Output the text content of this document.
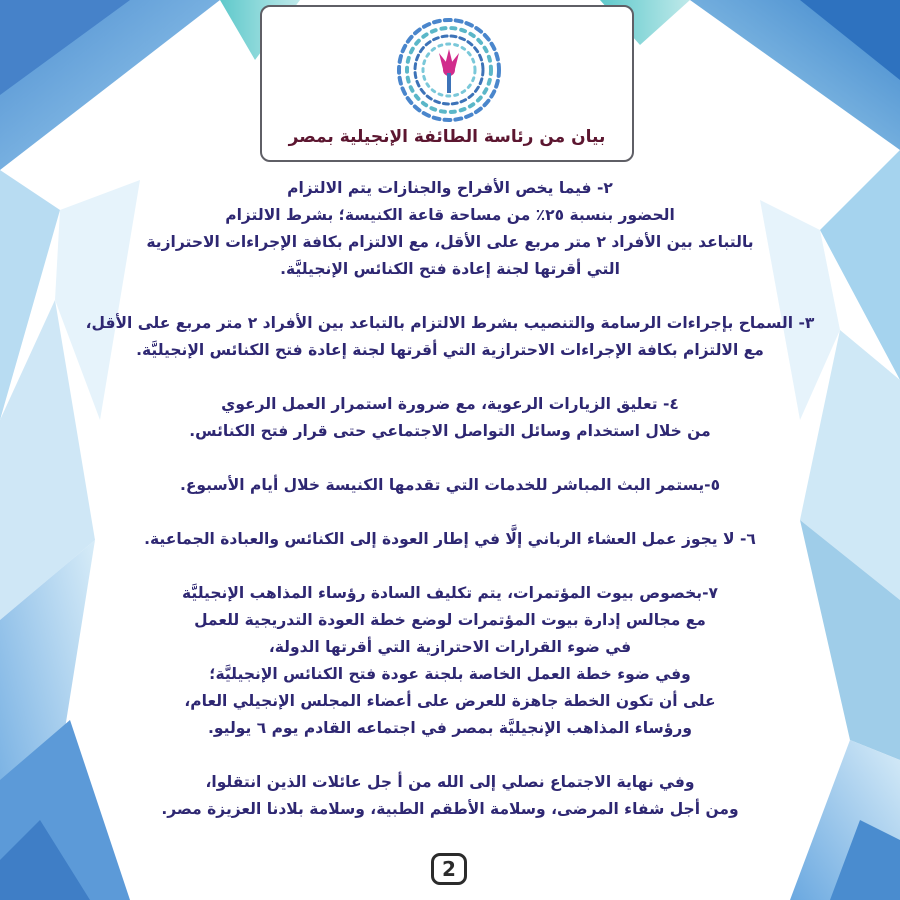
بيان من رئاسة الطائفة الإنجيلية بمصر
٢- فيما يخص الأفراح والجنازات يتم الالتزام
الحضور بنسبة ٢٥٪ من مساحة قاعة الكنيسة؛ بشرط الالتزام
بالتباعد بين الأفراد ٢ متر مربع على الأقل، مع الالتزام بكافة الإجراءات الاحترازية
التي أقرتها لجنة إعادة فتح الكنائس الإنجيليَّة.
٣- السماح بإجراءات الرسامة والتنصيب بشرط الالتزام بالتباعد بين الأفراد ٢ متر مربع على الأقل،
مع الالتزام بكافة الإجراءات الاحترازية التي أقرتها لجنة إعادة فتح الكنائس الإنجيليَّة.
٤- تعليق الزيارات الرعوية، مع ضرورة استمرار العمل الرعوي
من خلال استخدام وسائل التواصل الاجتماعي حتى قرار فتح الكنائس.
٥-يستمر البث المباشر للخدمات التي تقدمها الكنيسة خلال أيام الأسبوع.
٦- لا يجوز عمل العشاء الرباني إلَّا في إطار العودة إلى الكنائس والعبادة الجماعية.
٧-بخصوص بيوت المؤتمرات، يتم تكليف السادة رؤساء المذاهب الإنجيليَّة
مع مجالس إدارة بيوت المؤتمرات لوضع خطة العودة التدريجية للعمل
في ضوء القرارات الاحترازية التي أقرتها الدولة،
وفي ضوء خطة العمل الخاصة بلجنة عودة فتح الكنائس الإنجيليَّة؛
على أن تكون الخطة جاهزة للعرض على أعضاء المجلس الإنجيلي العام،
ورؤساء المذاهب الإنجيليَّة بمصر في اجتماعه القادم يوم ٦ يوليو.
وفي نهاية الاجتماع نصلي إلى الله من أ جل عائلات الذين انتقلوا،
ومن أجل شفاء المرضى، وسلامة الأطقم الطبية، وسلامة بلادنا العزيزة مصر.
2
